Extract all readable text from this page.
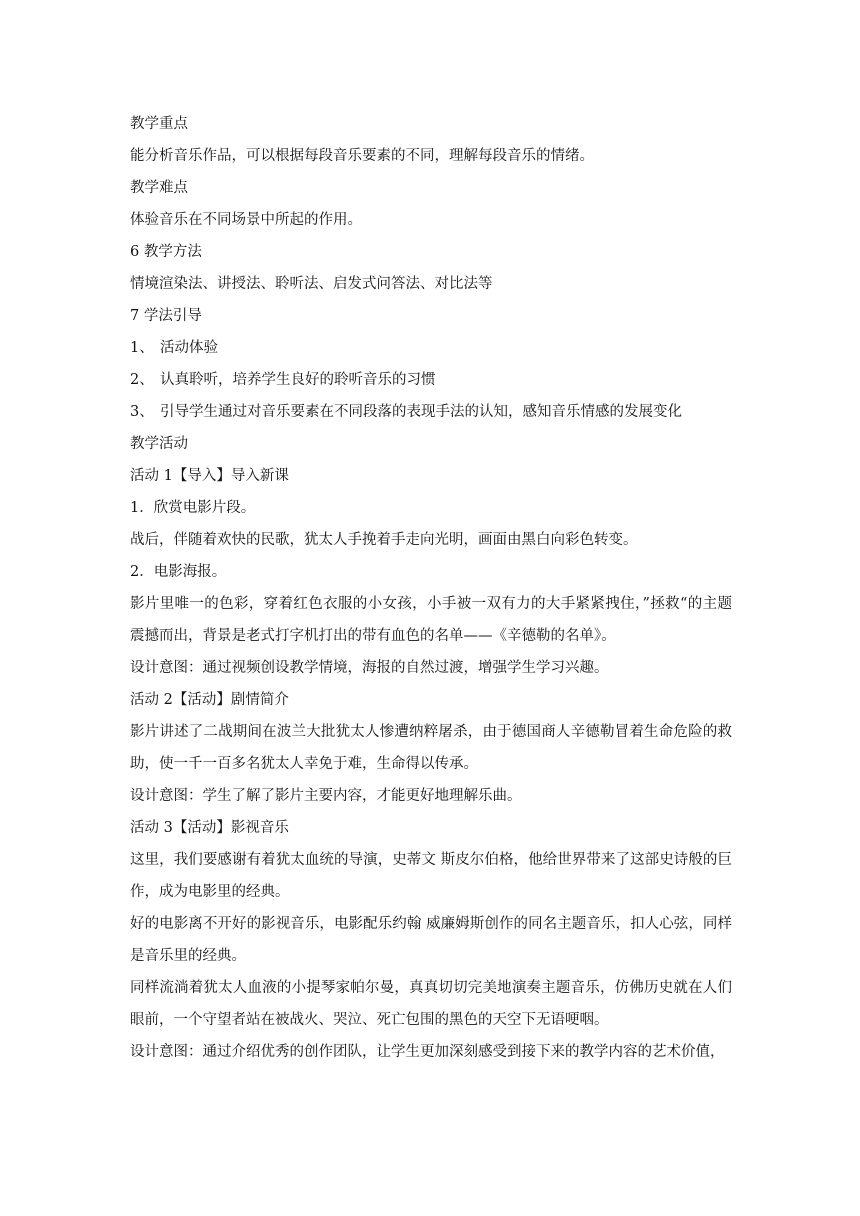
教学重点
能分析音乐作品，可以根据每段音乐要素的不同，理解每段音乐的情绪。
教学难点
体验音乐在不同场景中所起的作用。
6 教学方法
情境渲染法、讲授法、聆听法、启发式问答法、对比法等
7 学法引导
1、 活动体验
2、 认真聆听，培养学生良好的聆听音乐的习惯
3、 引导学生通过对音乐要素在不同段落的表现手法的认知，感知音乐情感的发展变化
教学活动
活动 1【导入】导入新课
1．欣赏电影片段。
战后，伴随着欢快的民歌，犹太人手挽着手走向光明，画面由黑白向彩色转变。
2．电影海报。
影片里唯一的色彩，穿着红色衣服的小女孩，小手被一双有力的大手紧紧拽住，”拯救“的主题震撼而出，背景是老式打字机打出的带有血色的名单——《辛德勒的名单》。
设计意图：通过视频创设教学情境，海报的自然过渡，增强学生学习兴趣。
活动 2【活动】剧情简介
影片讲述了二战期间在波兰大批犹太人惨遭纳粹屠杀，由于德国商人辛德勒冒着生命危险的救助，使一千一百多名犹太人幸免于难，生命得以传承。
设计意图：学生了解了影片主要内容，才能更好地理解乐曲。
活动 3【活动】影视音乐
这里，我们要感谢有着犹太血统的导演，史蒂文 斯皮尔伯格，他给世界带来了这部史诗般的巨作，成为电影里的经典。
好的电影离不开好的影视音乐，电影配乐约翰 威廉姆斯创作的同名主题音乐，扣人心弦，同样是音乐里的经典。
同样流淌着犹太人血液的小提琴家帕尔曼，真真切切完美地演奏主题音乐，仿佛历史就在人们眼前，一个守望者站在被战火、哭泣、死亡包围的黑色的天空下无语哽咽。
设计意图：通过介绍优秀的创作团队，让学生更加深刻感受到接下来的教学内容的艺术价值，
